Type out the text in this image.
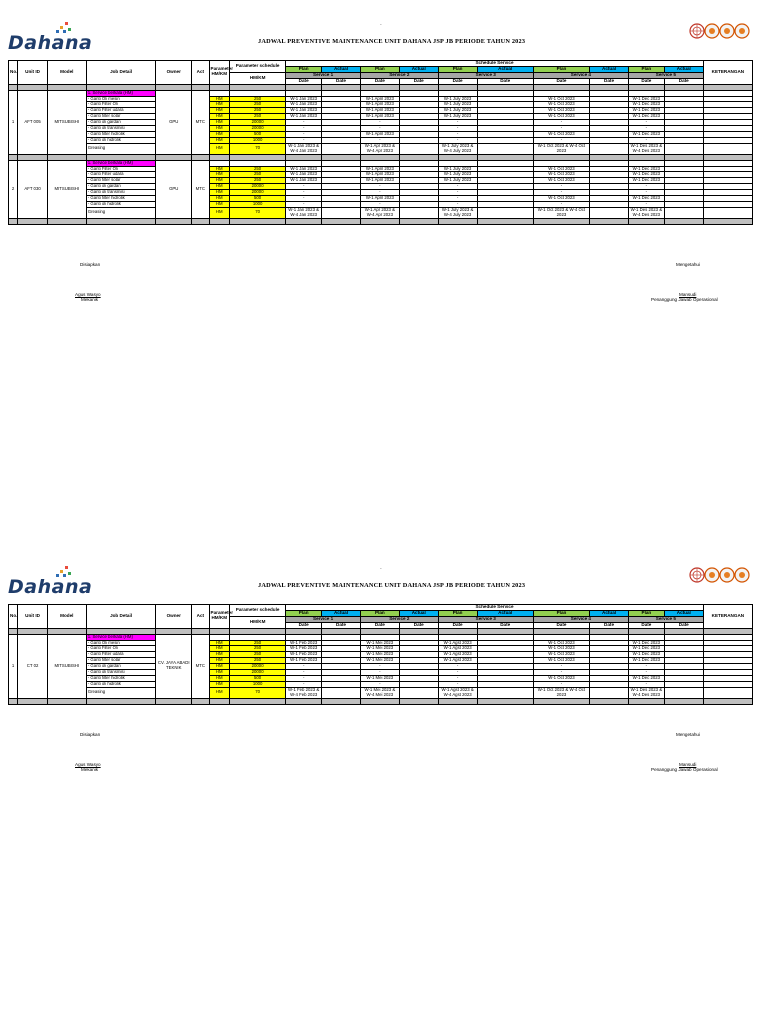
Dahana
-
JADWAL PREVENTIVE MAINTENANCE UNIT DAHANA JSP JB PERIODE TAHUN 2023
No.	Unit ID	Model	Job Detail	Owner	Act	Parameter HM/KM	Parameter schedule	Schedule Service										KETERANGAN
								Plan	Actual	Plan	Actual	Plan	Actual	Plan	Actual	Plan	Actual	
							HM/KM	Service 1		Service 2		Service 3		Service 4		Service 5		
								Date	Date	Date	Date	Date	Date	Date	Date	Date	Date	

1	AFT 005	MITSUBISHI	1. Service berkala (HM)	GPU	MTC													
			- Ganti Oli mesin			HM	250	W-1 Jan 2023		W-1 April 2023		W-1 July 2023		W-1 Oct 2023		W-1 Dec 2023		
			- Ganti Filter Oli			HM	250	W-1 Jan 2023		W-1 April 2023		W-1 July 2023		W-1 Oct 2023		W-1 Dec 2023		
			- Ganti Filter udara			HM	250	W-1 Jan 2023		W-1 April 2023		W-1 July 2023		W-1 Oct 2023		W-1 Dec 2023		
			- Ganti filter solar			HM	250	W-1 Jan 2023		W-1 April 2023		W-1 July 2023		W-1 Oct 2023		W-1 Dec 2023		
			- Ganti oli gardan			HM	20000	-		-		-		-		-		
			- Ganti oli transmisi			HM	20000	-		-		-		-		-		
			- Ganti filter hidrolik			HM	500	-		W-1 April 2023		-		W-1 Oct 2023		W-1 Dec 2023		
			- Ganti oli hidrolik			HM	1000	-		-		-		-		-		
			Greasing			HM	70	W-1 Jan 2023 & W-4 Jan 2023		W-1 Apr 2023 & W-4 Apr 2023		W-1 July 2023 & W-4 July 2023		W-1 Oct 2023 & W-4 Oct 2023		W-1 Des 2023 & W-4 Des 2023		

2	AFT 030	MITSUBISHI	1. Service berkala (HM)	GPU	MTC													
			- Ganti Filter Oli			HM	250	W-1 Jan 2023		W-1 April 2023		W-1 July 2023		W-1 Oct 2023		W-1 Dec 2023		
			- Ganti Filter udara			HM	250	W-1 Jan 2023		W-1 April 2023		W-1 July 2023		W-1 Oct 2023		W-1 Dec 2023		
			- Ganti filter solar			HM	250	W-1 Jan 2023		W-1 April 2023		W-1 July 2023		W-1 Oct 2023		W-1 Dec 2023		
			- Ganti oli gardan			HM	20000	-		-		-		-		-		
			- Ganti oli transmisi			HM	20000	-		-		-		-		-		
			- Ganti filter hidrolik			HM	500	-		W-1 April 2023		-		W-1 Oct 2023		W-1 Dec 2023		
			- Ganti oli hidrolik			HM	1000	-		-		-		-		-		
			Greasing			HM	70	W-1 Jan 2023 & W-4 Jan 2023		W-1 Apr 2023 & W-4 Apr 2023		W-1 July 2023 & W-4 July 2023		W-1 Oct 2023 & W-4 Oct 2023		W-1 Des 2023 & W-4 Des 2023		

Disiapkan
Agus Wasyo
Mekanik
Mengetahui
Mansudi
Penanggung Jawab Operasional
Dahana
-
JADWAL PREVENTIVE MAINTENANCE UNIT DAHANA JSP JB PERIODE TAHUN 2023
No.	Unit ID	Model	Job Detail	Owner	Act	Parameter HM/KM	Parameter schedule	Schedule Service										KETERANGAN
								Plan	Actual	Plan	Actual	Plan	Actual	Plan	Actual	Plan	Actual	
							HM/KM	Service 1		Service 2		Service 3		Service 4		Service 5		
								Date	Date	Date	Date	Date	Date	Date	Date	Date	Date	

1	CT 02	MITSUBISHI	1. Service berkala (HM)	CV. JAYA ABADI TEKNIK	MTC													
			- Ganti Oli mesin			HM	250	W-1 Feb 2023		W-1 Mei 2023		W-1 Agst 2023		W-1 Oct 2023		W-1 Dec 2023		
			- Ganti Filter Oli			HM	250	W-1 Feb 2023		W-1 Mei 2023		W-1 Agst 2023		W-1 Oct 2023		W-1 Dec 2023		
			- Ganti Filter udara			HM	250	W-1 Feb 2023		W-1 Mei 2023		W-1 Agst 2023		W-1 Oct 2023		W-1 Dec 2023		
			- Ganti filter solar			HM	250	W-1 Feb 2023		W-1 Mei 2023		W-1 Agst 2023		W-1 Oct 2023		W-1 Dec 2023		
			- Ganti oli gardan			HM	20000	-		-		-		-		-		
			- Ganti oli transmisi			HM	20000	-		-		-		-		-		
			- Ganti filter hidrolik			HM	500	-		W-1 Mei 2023		-		W-1 Oct 2023		W-1 Dec 2023		
			- Ganti oli hidrolik			HM	1000	-		-		-		-		-		
			Greasing			HM	70	W-1 Feb 2023 & W-4 Feb 2023		W-1 Mei 2023 & W-4 Mei 2023		W-1 Agst 2023 & W-4 Agst 2023		W-1 Oct 2023 & W-4 Oct 2023		W-1 Des 2023 & W-4 Des 2023		

Disiapkan
Agus Wasyo
Mekanik
Mengetahui
Mansudi
Penanggung Jawab Operasional
